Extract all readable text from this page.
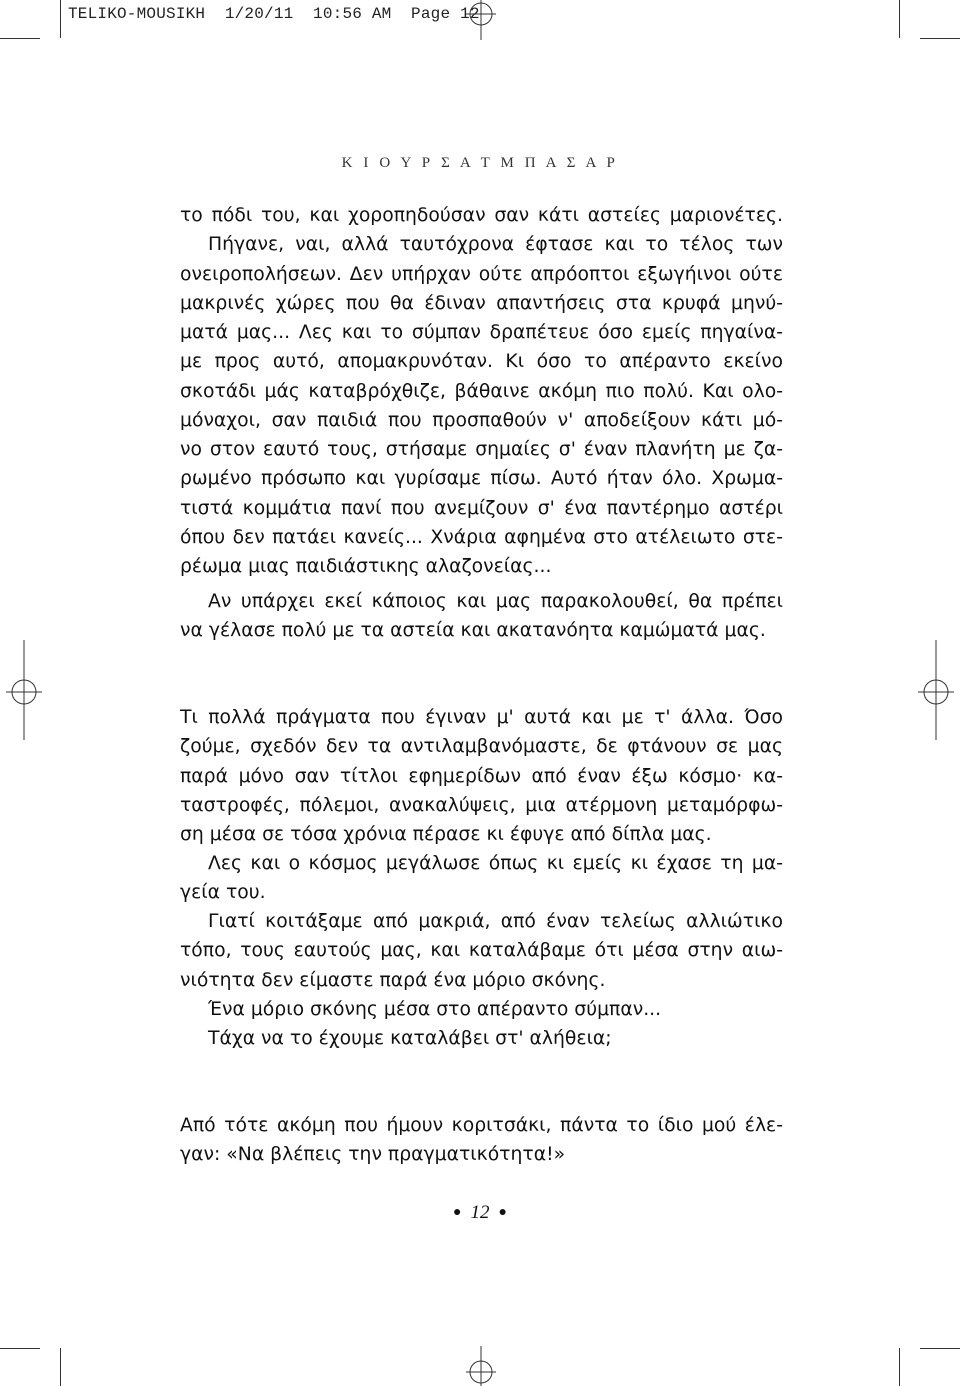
TELIKO-MOUSIKH  1/20/11  10:56 AM  Page 12
Κ Ι Ο Υ Ρ Σ Α Τ Μ Π Α Σ Α Ρ
το πόδι του, και χοροπηδούσαν σαν κάτι αστείες μαριονέτες.
Πήγανε, ναι, αλλά ταυτόχρονα έφτασε και το τέλος των
ονειροπολήσεων. Δεν υπήρχαν ούτε απρόοπτοι εξωγήινοι ούτε
μακρινές χώρες που θα έδιναν απαντήσεις στα κρυφά μηνύ-
ματά μας... Λες και το σύμπαν δραπέτευε όσο εμείς πηγαίνα-
με προς αυτό, απομακρυνόταν. Κι όσο το απέραντο εκείνο
σκοτάδι μάς καταβρόχθιζε, βάθαινε ακόμη πιο πολύ. Και ολο-
μόναχοι, σαν παιδιά που προσπαθούν ν' αποδείξουν κάτι μό-
νο στον εαυτό τους, στήσαμε σημαίες σ' έναν πλανήτη με ζα-
ρωμένο πρόσωπο και γυρίσαμε πίσω. Αυτό ήταν όλο. Χρωμα-
τιστά κομμάτια πανί που ανεμίζουν σ' ένα παντέρημο αστέρι
όπου δεν πατάει κανείς... Χνάρια αφημένα στο ατέλειωτο στε-
ρέωμα μιας παιδιάστικης αλαζονείας...
Αν υπάρχει εκεί κάποιος και μας παρακολουθεί, θα πρέπει
να γέλασε πολύ με τα αστεία και ακατανόητα καμώματά μας.
Τι πολλά πράγματα που έγιναν μ' αυτά και με τ' άλλα. Όσο
ζούμε, σχεδόν δεν τα αντιλαμβανόμαστε, δε φτάνουν σε μας
παρά μόνο σαν τίτλοι εφημερίδων από έναν έξω κόσμο· κα-
ταστροφές, πόλεμοι, ανακαλύψεις, μια ατέρμονη μεταμόρφω-
ση μέσα σε τόσα χρόνια πέρασε κι έφυγε από δίπλα μας.
Λες και ο κόσμος μεγάλωσε όπως κι εμείς κι έχασε τη μα-
γεία του.
Γιατί κοιτάξαμε από μακριά, από έναν τελείως αλλιώτικο
τόπο, τους εαυτούς μας, και καταλάβαμε ότι μέσα στην αιω-
νιότητα δεν είμαστε παρά ένα μόριο σκόνης.
Ένα μόριο σκόνης μέσα στο απέραντο σύμπαν...
Τάχα να το έχουμε καταλάβει στ' αλήθεια;
Από τότε ακόμη που ήμουν κοριτσάκι, πάντα το ίδιο μού έλε-
γαν: «Να βλέπεις την πραγματικότητα!»
● 12 ●
